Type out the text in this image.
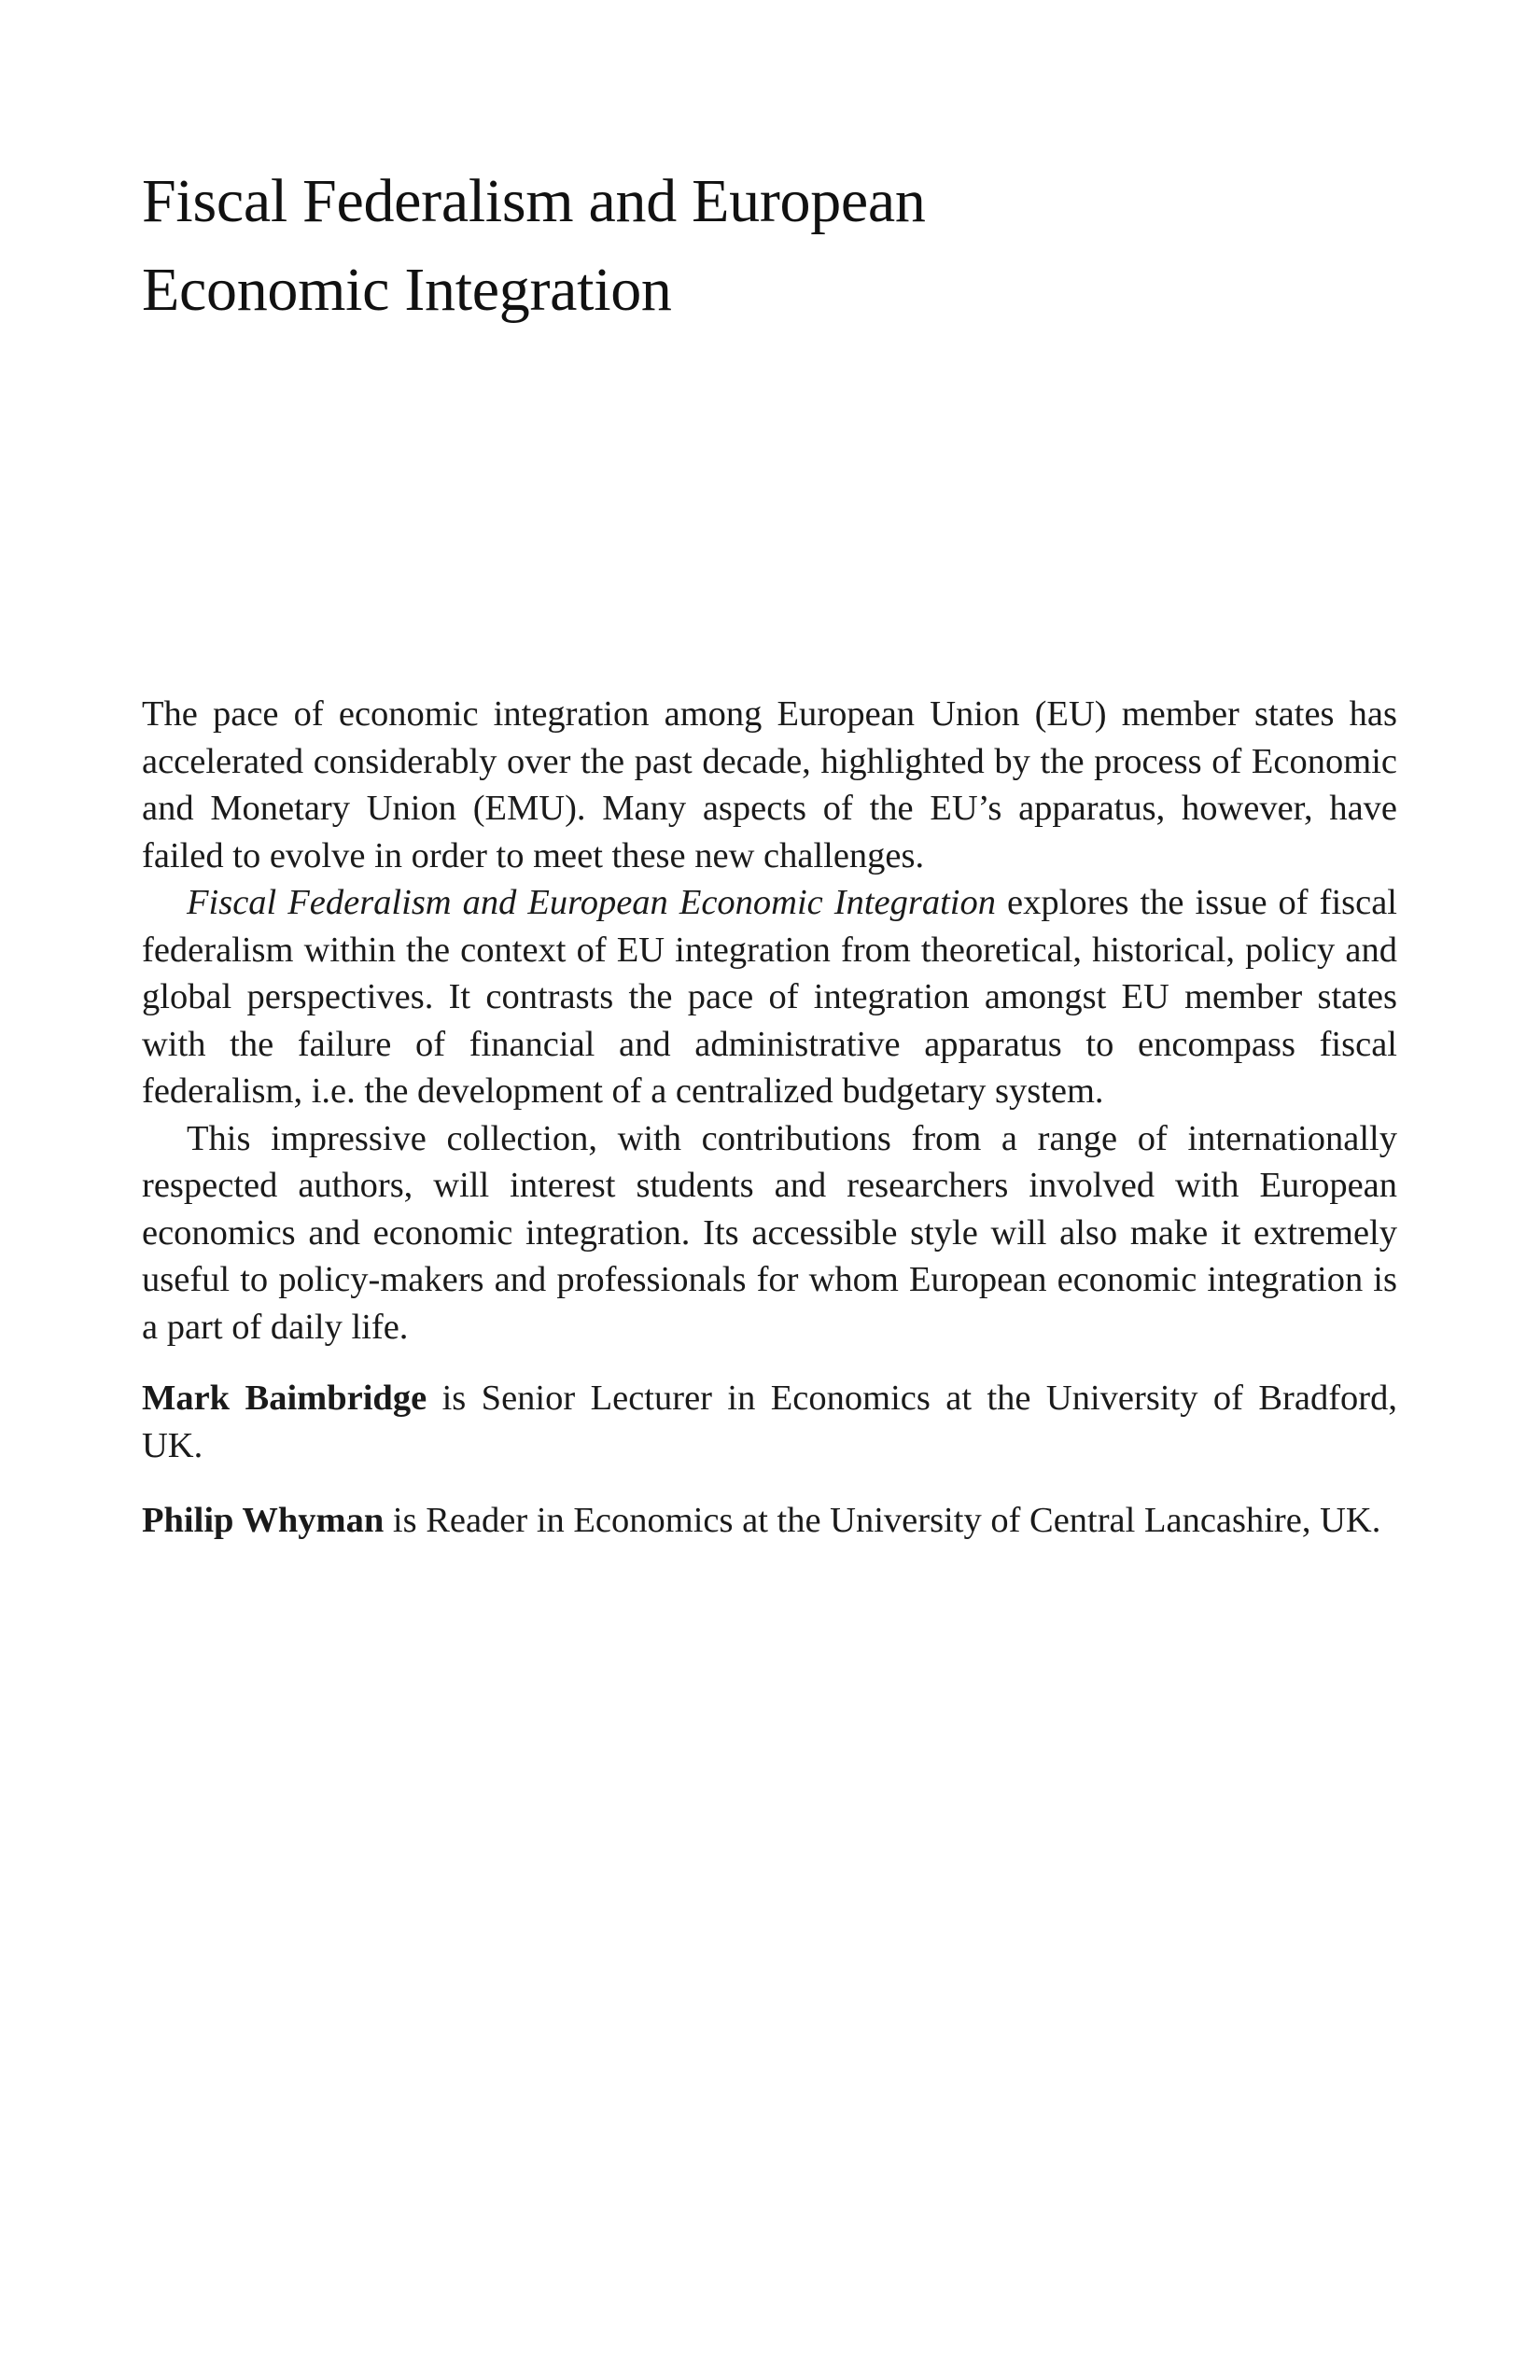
Fiscal Federalism and European
Economic Integration

The pace of economic integration among European Union (EU) member states has accelerated considerably over the past decade, highlighted by the process of Economic and Monetary Union (EMU). Many aspects of the EU’s apparatus, however, have failed to evolve in order to meet these new challenges.

Fiscal Federalism and European Economic Integration explores the issue of fiscal federalism within the context of EU integration from theoretical, historical, policy and global perspectives. It contrasts the pace of integration amongst EU member states with the failure of financial and administrative apparatus to encompass fiscal federalism, i.e. the development of a centralized budgetary system.

This impressive collection, with contributions from a range of internationally respected authors, will interest students and researchers involved with European economics and economic integration. Its accessible style will also make it extremely useful to policy-makers and professionals for whom European economic integration is a part of daily life.

Mark Baimbridge is Senior Lecturer in Economics at the University of Bradford, UK.

Philip Whyman is Reader in Economics at the University of Central Lancashire, UK.
